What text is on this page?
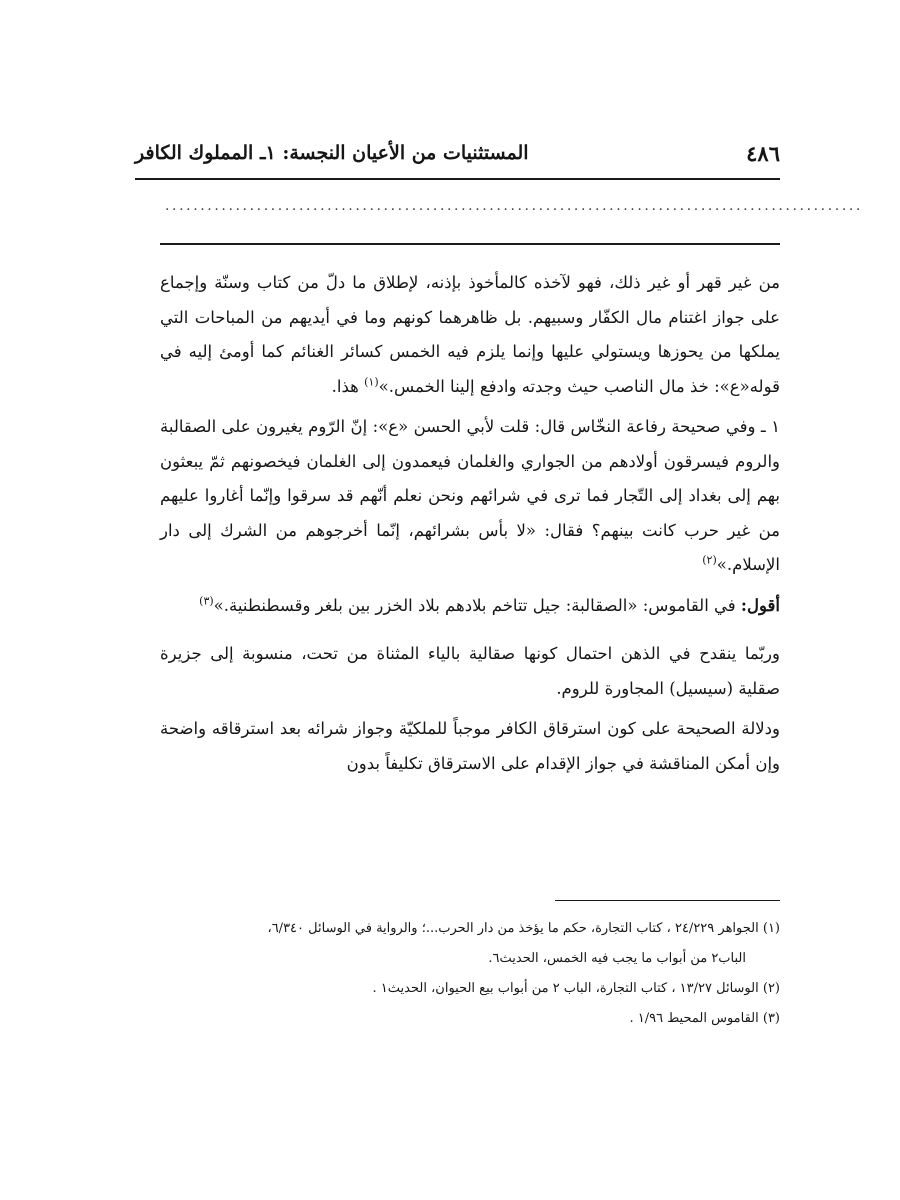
٤٨٦
المستثنيات من الأعيان النجسة: ١ـ المملوك الكافر
...................................................................................................

من غير قهر أو غير ذلك، فهو لآخذه كالمأخوذ بإذنه، لإطلاق ما دلّ من كتاب وسنّة وإجماع على جواز اغتنام مال الكفّار وسبيهم. بل ظاهرهما كونهم وما في أيديهم من المباحات التي يملكها من يحوزها ويستولي عليها وإنما يلزم فيه الخمس كسائر الغنائم كما أومئ إليه في قوله«ع»: خذ مال الناصب حيث وجدته وادفع إلينا الخمس.»$^{(١)}$ هذا.

١ ـ وفي صحيحة رفاعة النخّاس قال: قلت لأبي الحسن «ع»: إنّ الرّوم يغيرون على الصقالبة والروم فيسرقون أولادهم من الجواري والغلمان فيعمدون إلى الغلمان فيخصونهم ثمّ يبعثون بهم إلى بغداد إلى التّجار فما ترى في شرائهم ونحن نعلم أنّهم قد سرقوا وإنّما أغاروا عليهم من غير حرب كانت بينهم؟ فقال: «لا بأس بشرائهم، إنّما أخرجوهم من الشرك إلى دار الإسلام.»$^{(٢)}$

أقول: في القاموس: «الصقالبة: جيل تتاخم بلادهم بلاد الخزر بين بلغر وقسطنطنية.»$^{(٣)}$

وربّما ينقدح في الذهن احتمال كونها صقالية بالياء المثناة من تحت، منسوبة إلى جزيرة صقلية (سيسيل) المجاورة للروم.

ودلالة الصحيحة على كون استرقاق الكافر موجباً للملكيّة وجواز شرائه بعد استرقاقه واضحة وإن أمكن المناقشة في جواز الإقدام على الاسترقاق تكليفاً بدون

(١) الجواهر ٢٤/٢٢٩ ، كتاب التجارة، حكم ما يؤخذ من دار الحرب...؛ والرواية في الوسائل ٦/٣٤٠،

الباب٢ من أبواب ما يجب فيه الخمس، الحديث٦.

(٢) الوسائل ١٣/٢٧ ، كتاب التجارة، الباب ٢ من أبواب بيع الحيوان، الحديث١ .

(٣) القاموس المحيط ١/٩٦ .
